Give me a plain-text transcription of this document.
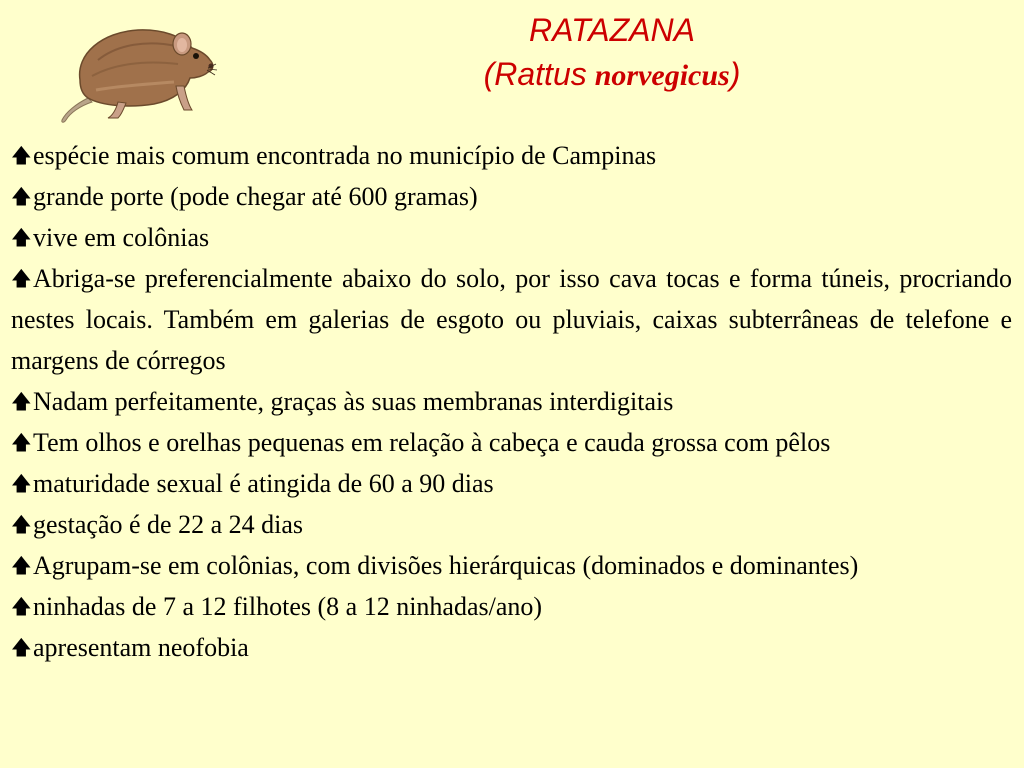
RATAZANA
(Rattus norvegicus)

🡅espécie mais comum encontrada no município de Campinas

🡅grande porte (pode chegar até 600 gramas)

🡅vive em colônias

🡅Abriga-se preferencialmente abaixo do solo, por isso cava tocas e forma túneis, procriando nestes locais. Também em galerias de esgoto ou pluviais, caixas subterrâneas de telefone e margens de córregos

🡅Nadam perfeitamente, graças às suas membranas interdigitais

🡅Tem olhos e orelhas pequenas em relação à cabeça e cauda grossa com pêlos

🡅maturidade sexual é atingida de 60 a 90 dias

🡅gestação é de 22 a 24 dias

🡅Agrupam-se em colônias, com divisões hierárquicas (dominados e dominantes)

🡅ninhadas de 7 a 12 filhotes (8 a 12 ninhadas/ano)

🡅apresentam neofobia
